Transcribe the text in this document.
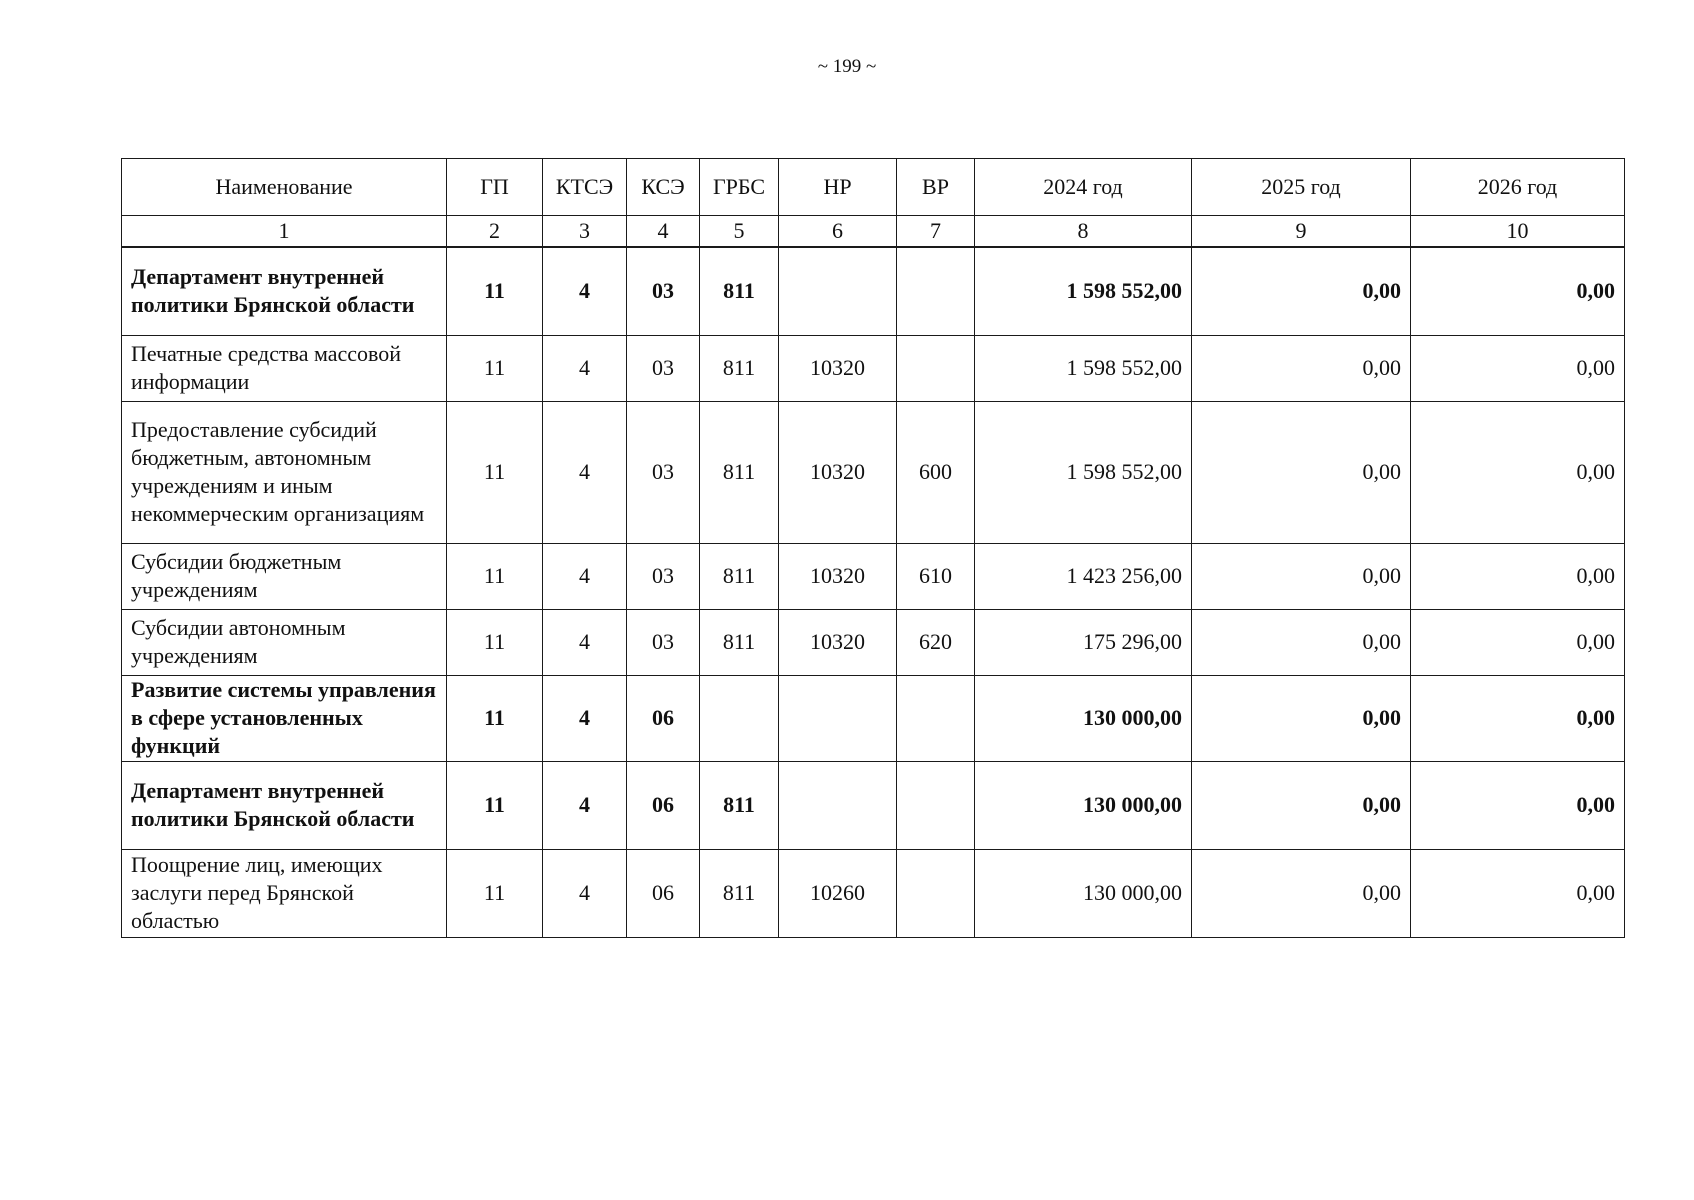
~ 199 ~
Наименование	ГП	КТСЭ	КСЭ	ГРБС	НР	ВР	2024 год	2025 год	2026 год
1	2	3	4	5	6	7	8	9	10
Департамент внутренней политики Брянской области	11	4	03	811			1 598 552,00	0,00	0,00
Печатные средства массовой информации	11	4	03	811	10320		1 598 552,00	0,00	0,00
Предоставление субсидий бюджетным, автономным учреждениям и иным некоммерческим организациям	11	4	03	811	10320	600	1 598 552,00	0,00	0,00
Субсидии бюджетным учреждениям	11	4	03	811	10320	610	1 423 256,00	0,00	0,00
Субсидии автономным учреждениям	11	4	03	811	10320	620	175 296,00	0,00	0,00
Развитие системы управления в сфере установленных функций	11	4	06				130 000,00	0,00	0,00
Департамент внутренней политики Брянской области	11	4	06	811			130 000,00	0,00	0,00
Поощрение лиц, имеющих заслуги перед Брянской областью	11	4	06	811	10260		130 000,00	0,00	0,00
